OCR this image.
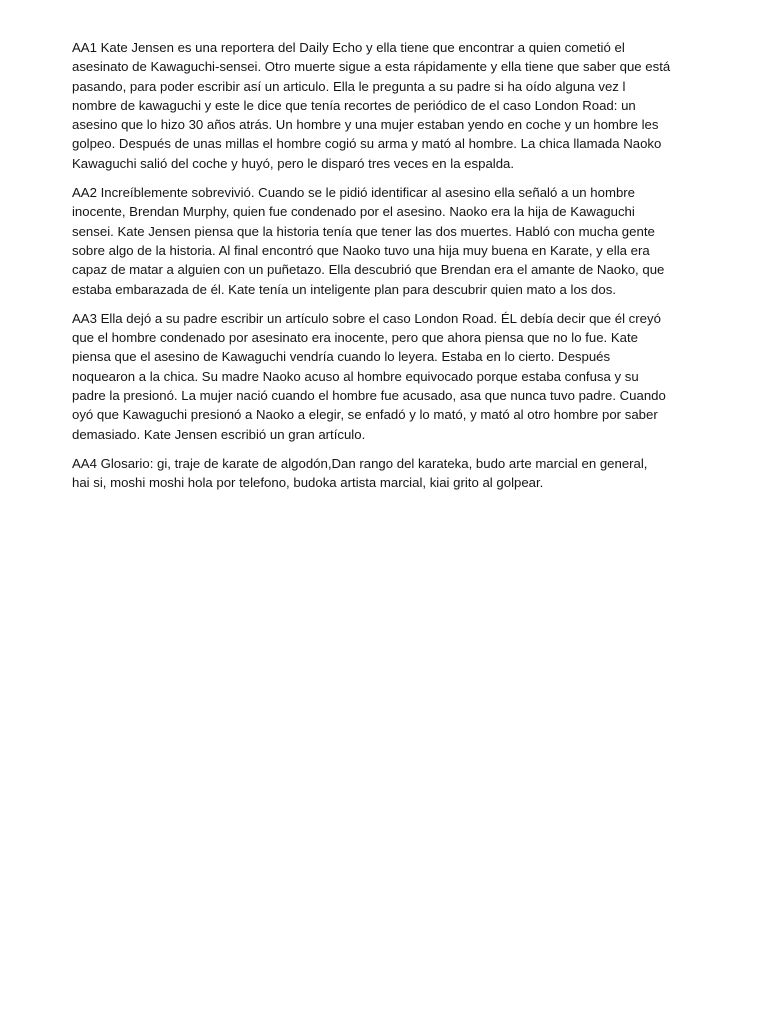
AA1 Kate Jensen es una reportera del Daily Echo y ella tiene que encontrar a quien cometió el
asesinato de Kawaguchi-sensei. Otro muerte sigue a esta rápidamente y ella tiene que saber que está
pasando, para poder escribir así un articulo. Ella le pregunta a su padre si ha oído alguna vez l
nombre de kawaguchi y este le dice que tenía recortes de periódico de el caso London Road: un
asesino que lo hizo 30 años atrás. Un hombre y una mujer estaban yendo en coche y un hombre les
golpeo. Después de unas millas el hombre cogió su arma y mató al hombre. La chica llamada Naoko
Kawaguchi salió del coche y huyó, pero le disparó tres veces en la espalda.

AA2 Increíblemente sobrevivió. Cuando se le pidió identificar al asesino ella señaló a un hombre
inocente, Brendan Murphy, quien fue condenado por el asesino. Naoko era la hija de Kawaguchi
sensei. Kate Jensen piensa que la historia tenía que tener las dos muertes. Habló con mucha gente
sobre algo de la historia. Al final encontró que Naoko tuvo una hija muy buena en Karate, y ella era
capaz de matar a alguien con un puñetazo. Ella descubrió que Brendan era el amante de Naoko, que
estaba embarazada de él. Kate tenía un inteligente plan para descubrir quien mato a los dos.

AA3 Ella dejó a su padre escribir un artículo sobre el caso London Road. ÉL debía decir que él creyó
que el hombre condenado por asesinato era inocente, pero que ahora piensa que no lo fue. Kate
piensa que el asesino de Kawaguchi vendría cuando lo leyera. Estaba en lo cierto. Después
noquearon a la chica. Su madre Naoko acuso al hombre equivocado porque estaba confusa y su
padre la presionó. La mujer nació cuando el hombre fue acusado, asa que nunca tuvo padre. Cuando
oyó que Kawaguchi presionó a Naoko a elegir, se enfadó y lo mató, y mató al otro hombre por saber
demasiado. Kate Jensen escribió un gran artículo.

AA4 Glosario: gi, traje de karate de algodón,Dan rango del karateka, budo arte marcial en general,
hai si, moshi moshi hola por telefono, budoka artista marcial, kiai grito al golpear.
